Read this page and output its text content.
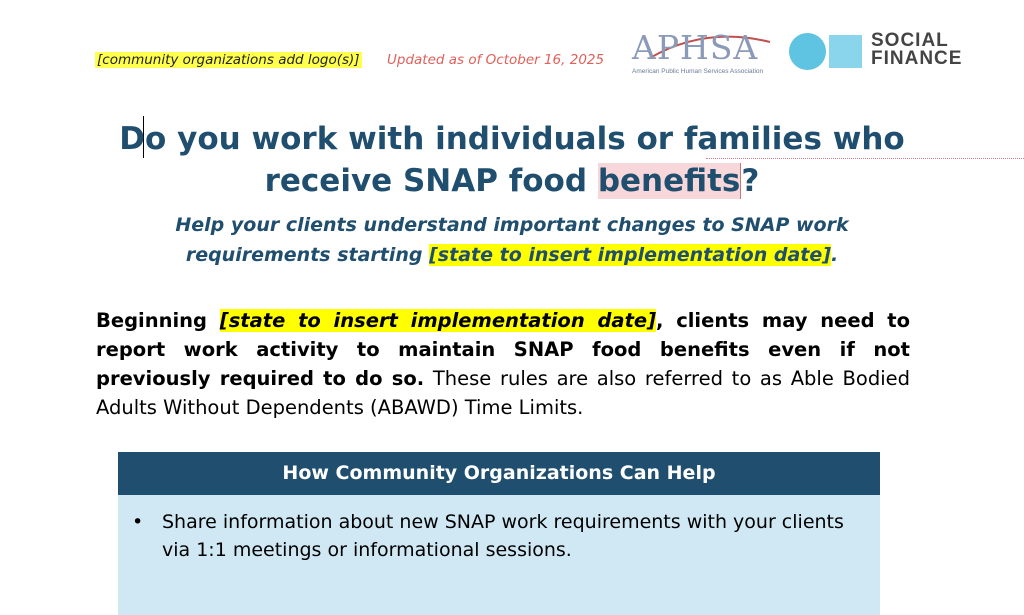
[community organizations add logo(s)] Updated as of October 16, 2025 APHSA
American Public Human Services Association
SOCIAL
FINANCE
Do you work with individuals or families who
receive SNAP food benefits?
Help your clients understand important changes to SNAP work
requirements starting [state to insert implementation date].
Beginning [state to insert implementation date], clients may need to report work activity to maintain SNAP food benefits even if not previously required to do so. These rules are also referred to as Able Bodied Adults Without Dependents (ABAWD) Time Limits.
How Community Organizations Can Help
• Share information about new SNAP work requirements with your clients via 1:1 meetings or informational sessions.
